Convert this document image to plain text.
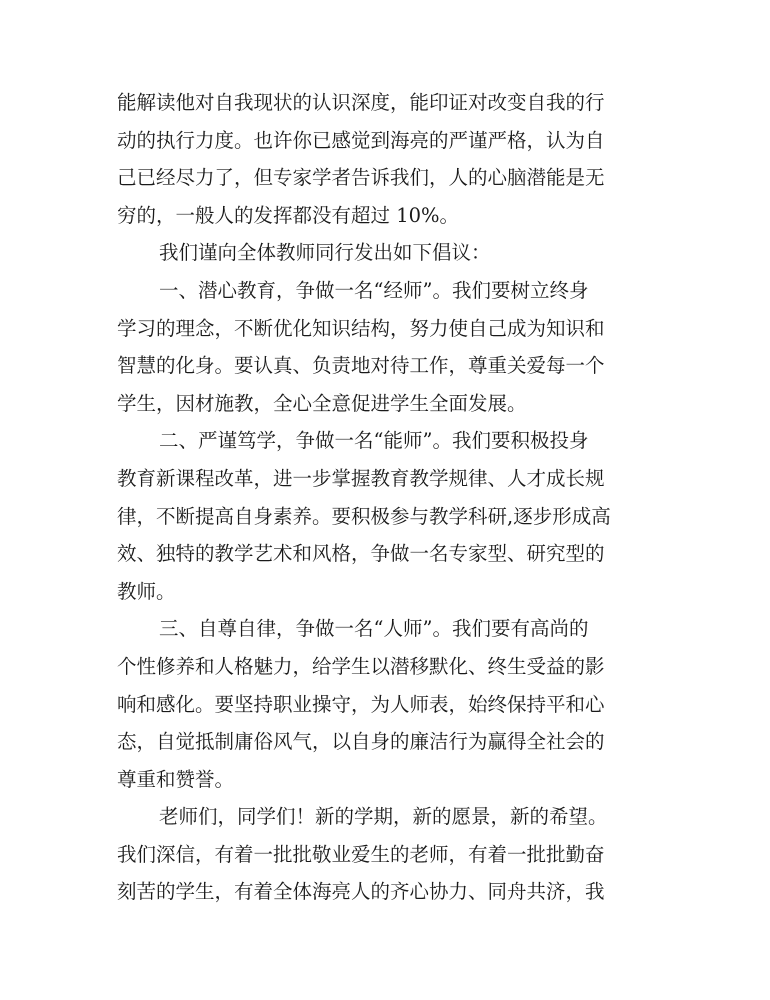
能解读他对自我现状的认识深度，能印证对改变自我的行
动的执行力度。也许你已感觉到海亮的严谨严格，认为自
己已经尽力了，但专家学者告诉我们，人的心脑潜能是无
穷的，一般人的发挥都没有超过 10%。
我们谨向全体教师同行发出如下倡议：
一、潜心教育，争做一名“经师”。我们要树立终身
学习的理念，不断优化知识结构，努力使自己成为知识和
智慧的化身。要认真、负责地对待工作，尊重关爱每一个
学生，因材施教，全心全意促进学生全面发展。
二、严谨笃学，争做一名“能师”。我们要积极投身
教育新课程改革，进一步掌握教育教学规律、人才成长规
律，不断提高自身素养。要积极参与教学科研,逐步形成高
效、独特的教学艺术和风格，争做一名专家型、研究型的
教师。
三、自尊自律，争做一名“人师”。我们要有高尚的
个性修养和人格魅力，给学生以潜移默化、终生受益的影
响和感化。要坚持职业操守，为人师表，始终保持平和心
态，自觉抵制庸俗风气，以自身的廉洁行为赢得全社会的
尊重和赞誉。
老师们，同学们！新的学期，新的愿景，新的希望。
我们深信，有着一批批敬业爱生的老师，有着一批批勤奋
刻苦的学生，有着全体海亮人的齐心协力、同舟共济，我
